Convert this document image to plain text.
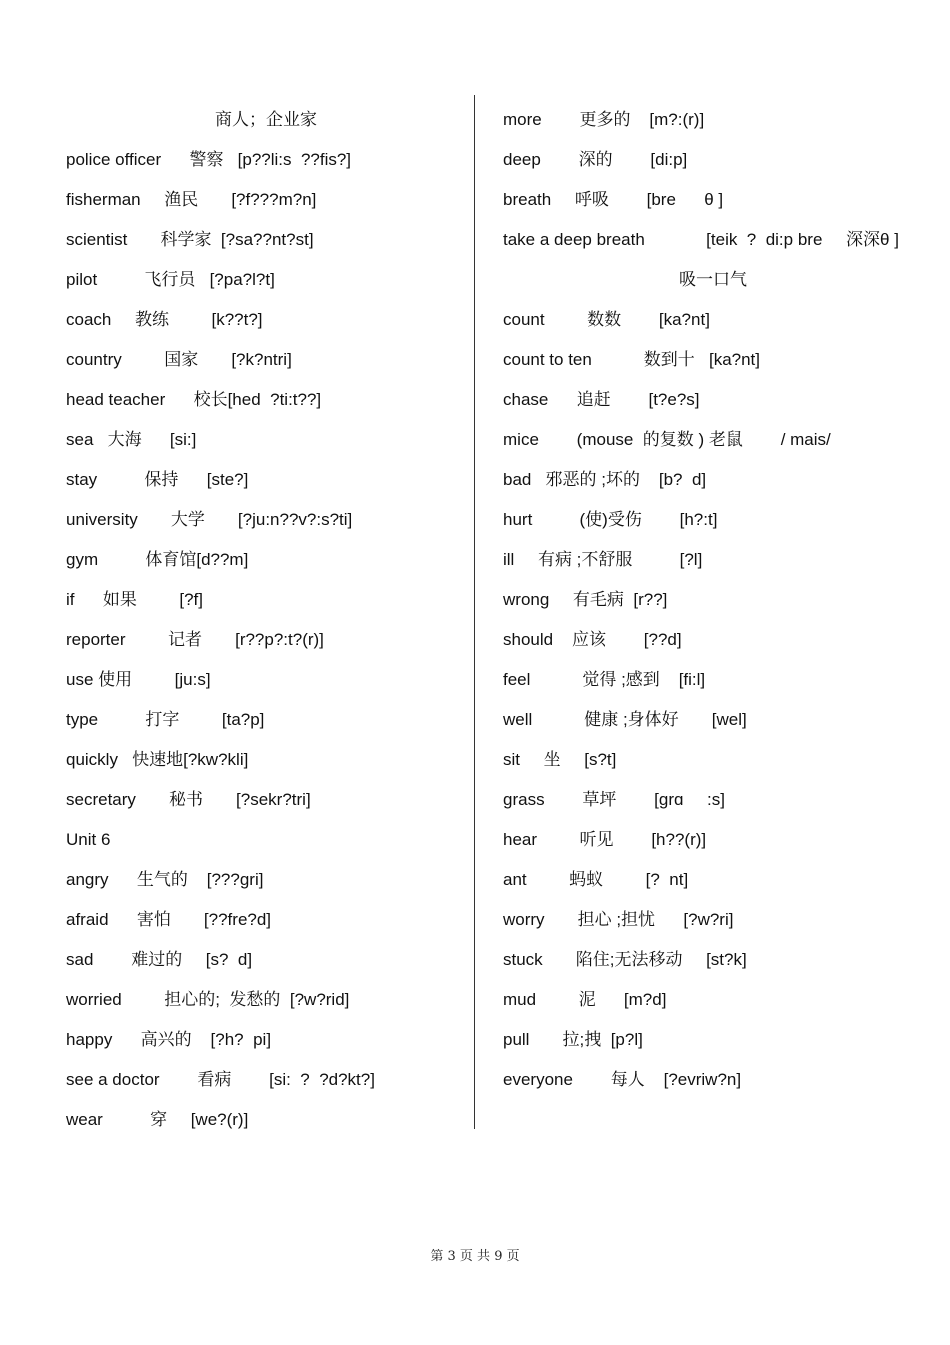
商人；企业家
police officer      警察   [p??li:s  ??fis?]
fisherman     渔民       [?f???m?n]
scientist       科学家  [?sa??nt?st]
pilot          飞行员   [?pa?l?t]
coach     教练         [k??t?]
country         国家       [?k?ntri]
head teacher      校长[hed  ?ti:t??]
sea   大海      [si:]
stay          保持      [ste?]
university       大学       [?ju:n??v?:s?ti]
gym          体育馆[d??m]
if      如果         [?f]
reporter         记者       [r??p?:t?(r)]
use 使用         [ju:s]
type          打字         [ta?p]
quickly   快速地[?kw?kli]
secretary       秘书       [?sekr?tri]
Unit 6
angry      生气的    [???gri]
afraid      害怕       [??fre?d]
sad        难过的     [s?  d]
worried         担心的;  发愁的  [?w?rid]
happy      高兴的    [?h?  pi]
see a doctor        看病        [si:  ?  ?d?kt?]
wear          穿     [we?(r)]
more        更多的    [m?:(r)]
deep        深的        [di:p]
breath     呼吸        [bre      θ ]
take a deep breath             [teik  ?  di:p bre     深深θ ]
吸一口气
count         数数        [ka?nt]
count to ten           数到十   [ka?nt]
chase      追赶        [t?e?s]
mice        (mouse  的复数 ) 老鼠        / mais/
bad   邪恶的 ;坏的    [b?  d]
hurt          (使)受伤        [h?:t]
ill     有病 ;不舒服          [?l]
wrong     有毛病  [r??]
should    应该        [??d]
feel           觉得 ;感到    [fi:l]
well           健康 ;身体好       [wel]
sit     坐     [s?t]
grass        草坪        [grɑ     :s]
hear         听见        [h??(r)]
ant         蚂蚁         [?  nt]
worry       担心 ;担忧      [?w?ri]
stuck       陷住;无法移动     [st?k]
mud         泥      [m?d]
pull       拉;拽  [p?l]
everyone        每人    [?evriw?n]
第 3 页 共 9 页
